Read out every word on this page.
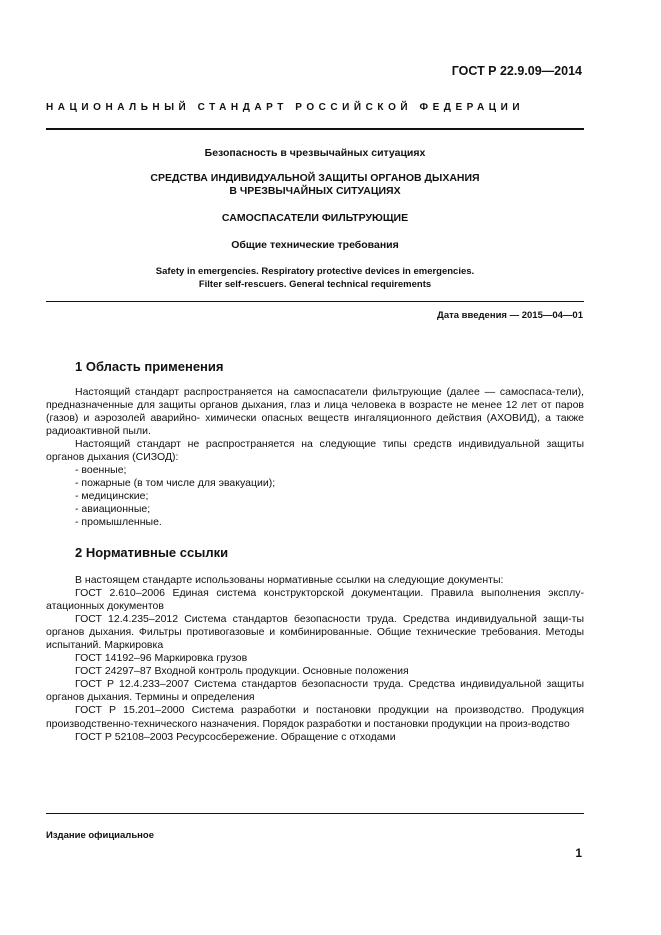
ГОСТ Р 22.9.09—2014
НАЦИОНАЛЬНЫЙ СТАНДАРТ РОССИЙСКОЙ ФЕДЕРАЦИИ
Безопасность в чрезвычайных ситуациях
СРЕДСТВА ИНДИВИДУАЛЬНОЙ ЗАЩИТЫ ОРГАНОВ ДЫХАНИЯ
В ЧРЕЗВЫЧАЙНЫХ СИТУАЦИЯХ
САМОСПАСАТЕЛИ ФИЛЬТРУЮЩИЕ
Общие технические требования
Safety in emergencies. Respiratory protective devices in emergencies.
Filter self-rescuers. General technical requirements
Дата введения — 2015—04—01
1 Область применения

Настоящий стандарт распространяется на самоспасатели фильтрующие (далее — самоспаса-тели), предназначенные для защиты органов дыхания, глаз и лица человека в возрасте не менее 12 лет от паров (газов) и аэрозолей аварийно- химически опасных веществ ингаляционного действия (АХОВИД), а также радиоактивной пыли.

Настоящий стандарт не распространяется на следующие типы средств индивидуальной защиты органов дыхания (СИЗОД):

- военные;

- пожарные (в том числе для эвакуации);

- медицинские;

- авиационные;

- промышленные.

2 Нормативные ссылки

В настоящем стандарте использованы нормативные ссылки на следующие документы:

ГОСТ 2.610–2006 Единая система конструкторской документации. Правила выполнения эксплу-атационных документов

ГОСТ 12.4.235–2012 Система стандартов безопасности труда. Средства индивидуальной защи-ты органов дыхания. Фильтры противогазовые и комбинированные. Общие технические требования. Методы испытаний. Маркировка

ГОСТ 14192–96 Маркировка грузов

ГОСТ 24297–87 Входной контроль продукции. Основные положения

ГОСТ Р 12.4.233–2007 Система стандартов безопасности труда. Средства индивидуальной защиты органов дыхания. Термины и определения

ГОСТ Р 15.201–2000 Система разработки и постановки продукции на производство. Продукция производственно-технического назначения. Порядок разработки и постановки продукции на произ-водство

ГОСТ Р 52108–2003 Ресурсосбережение. Обращение с отходами

Издание официальное
1
